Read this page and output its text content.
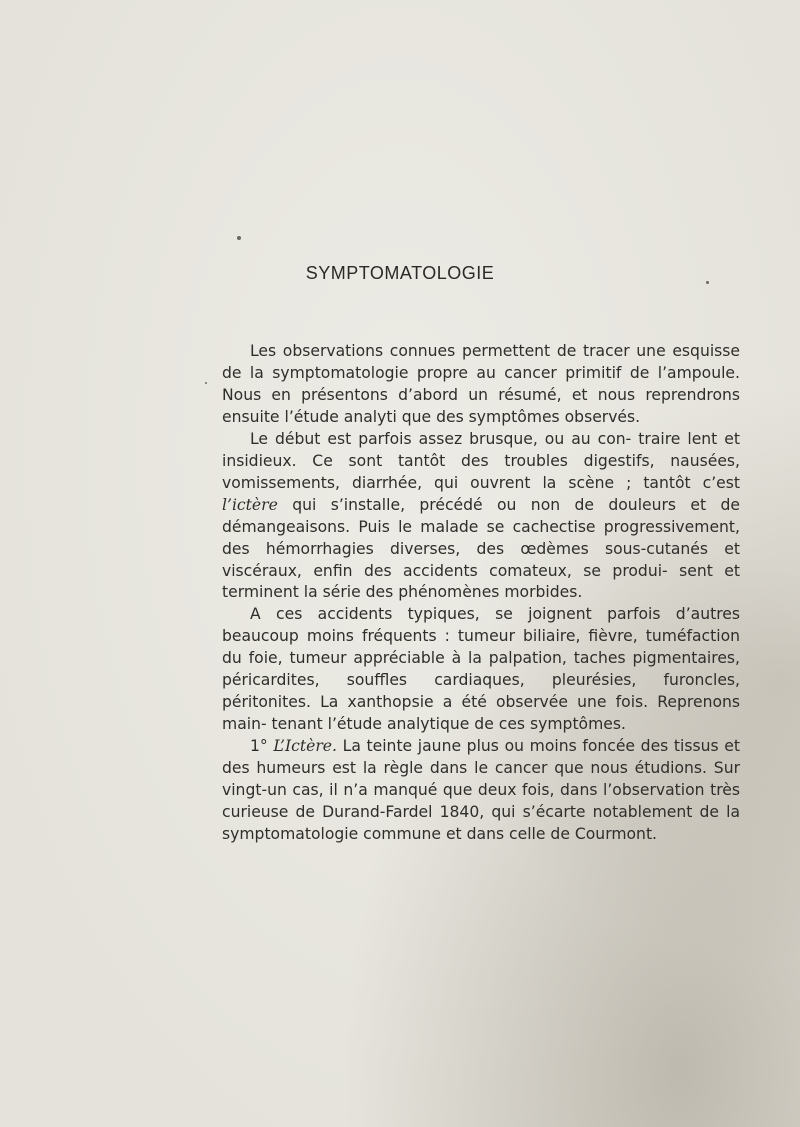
SYMPTOMATOLOGIE

Les observations connues permettent de tracer une esquisse de la symptomatologie propre au cancer primitif de l’ampoule. Nous en présentons d’abord un résumé, et nous reprendrons ensuite l’étude analyti que des symptômes observés.

Le début est parfois assez brusque, ou au con- traire lent et insidieux. Ce sont tantôt des troubles digestifs, nausées, vomissements, diarrhée, qui ouvrent la scène ; tantôt c’est l’ictère qui s’installe, précédé ou non de douleurs et de démangeaisons. Puis le malade se cachectise progressivement, des hémorrhagies diverses, des œdèmes sous-cutanés et viscéraux, enfin des accidents comateux, se produi- sent et terminent la série des phénomènes morbides.

A ces accidents typiques, se joignent parfois d’autres beaucoup moins fréquents : tumeur biliaire, fièvre, tuméfaction du foie, tumeur appréciable à la palpation, taches pigmentaires, péricardites, souffles cardiaques, pleurésies, furoncles, péritonites. La xanthopsie a été observée une fois. Reprenons main- tenant l’étude analytique de ces symptômes.

1° L’Ictère. La teinte jaune plus ou moins foncée des tissus et des humeurs est la règle dans le cancer que nous étudions. Sur vingt-un cas, il n’a manqué que deux fois, dans l’observation très curieuse de Durand-Fardel 1840, qui s’écarte notablement de la symptomatologie commune et dans celle de Courmont.
